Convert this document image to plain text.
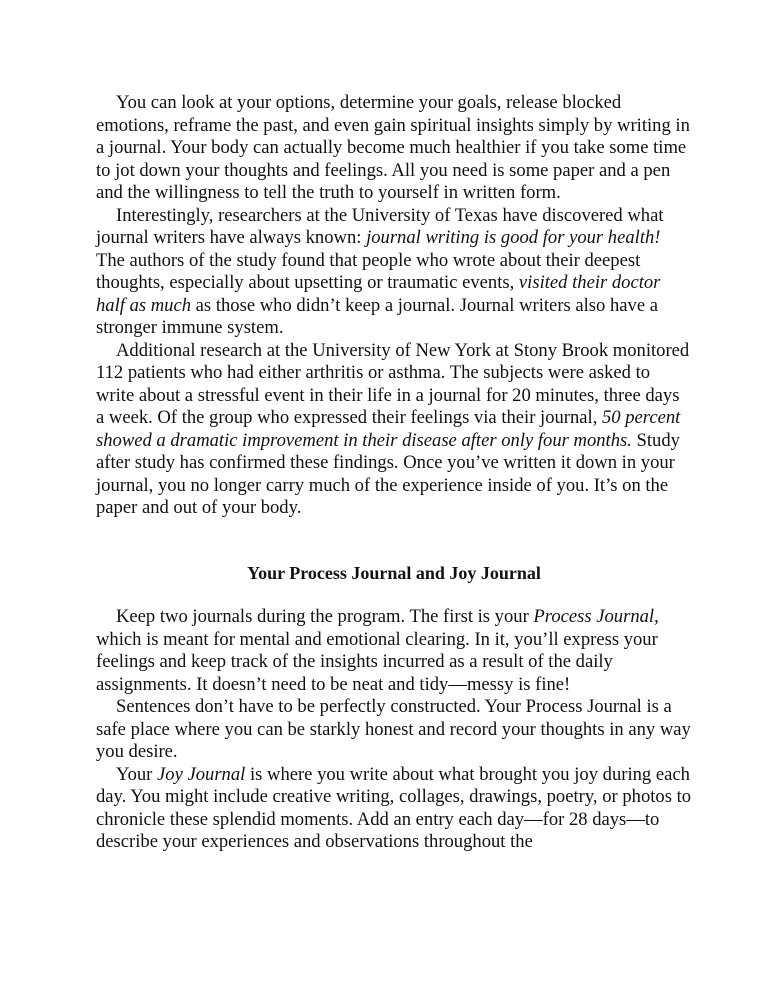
You can look at your options, determine your goals, release blocked emotions, reframe the past, and even gain spiritual insights simply by writing in a journal. Your body can actually become much healthier if you take some time to jot down your thoughts and feelings. All you need is some paper and a pen and the willingness to tell the truth to yourself in written form.

Interestingly, researchers at the University of Texas have discovered what journal writers have always known: journal writing is good for your health! The authors of the study found that people who wrote about their deepest thoughts, especially about upsetting or traumatic events, visited their doctor half as much as those who didn’t keep a journal. Journal writers also have a stronger immune system.

Additional research at the University of New York at Stony Brook monitored 112 patients who had either arthritis or asthma. The subjects were asked to write about a stressful event in their life in a journal for 20 minutes, three days a week. Of the group who expressed their feelings via their journal, 50 percent showed a dramatic improvement in their disease after only four months. Study after study has confirmed these findings. Once you’ve written it down in your journal, you no longer carry much of the experience inside of you. It’s on the paper and out of your body.

Your Process Journal and Joy Journal

Keep two journals during the program. The first is your Process Journal, which is meant for mental and emotional clearing. In it, you’ll express your feelings and keep track of the insights incurred as a result of the daily assignments. It doesn’t need to be neat and tidy—messy is fine!

Sentences don’t have to be perfectly constructed. Your Process Journal is a safe place where you can be starkly honest and record your thoughts in any way you desire.

Your Joy Journal is where you write about what brought you joy during each day. You might include creative writing, collages, drawings, poetry, or photos to chronicle these splendid moments. Add an entry each day—for 28 days—to describe your experiences and observations throughout the
